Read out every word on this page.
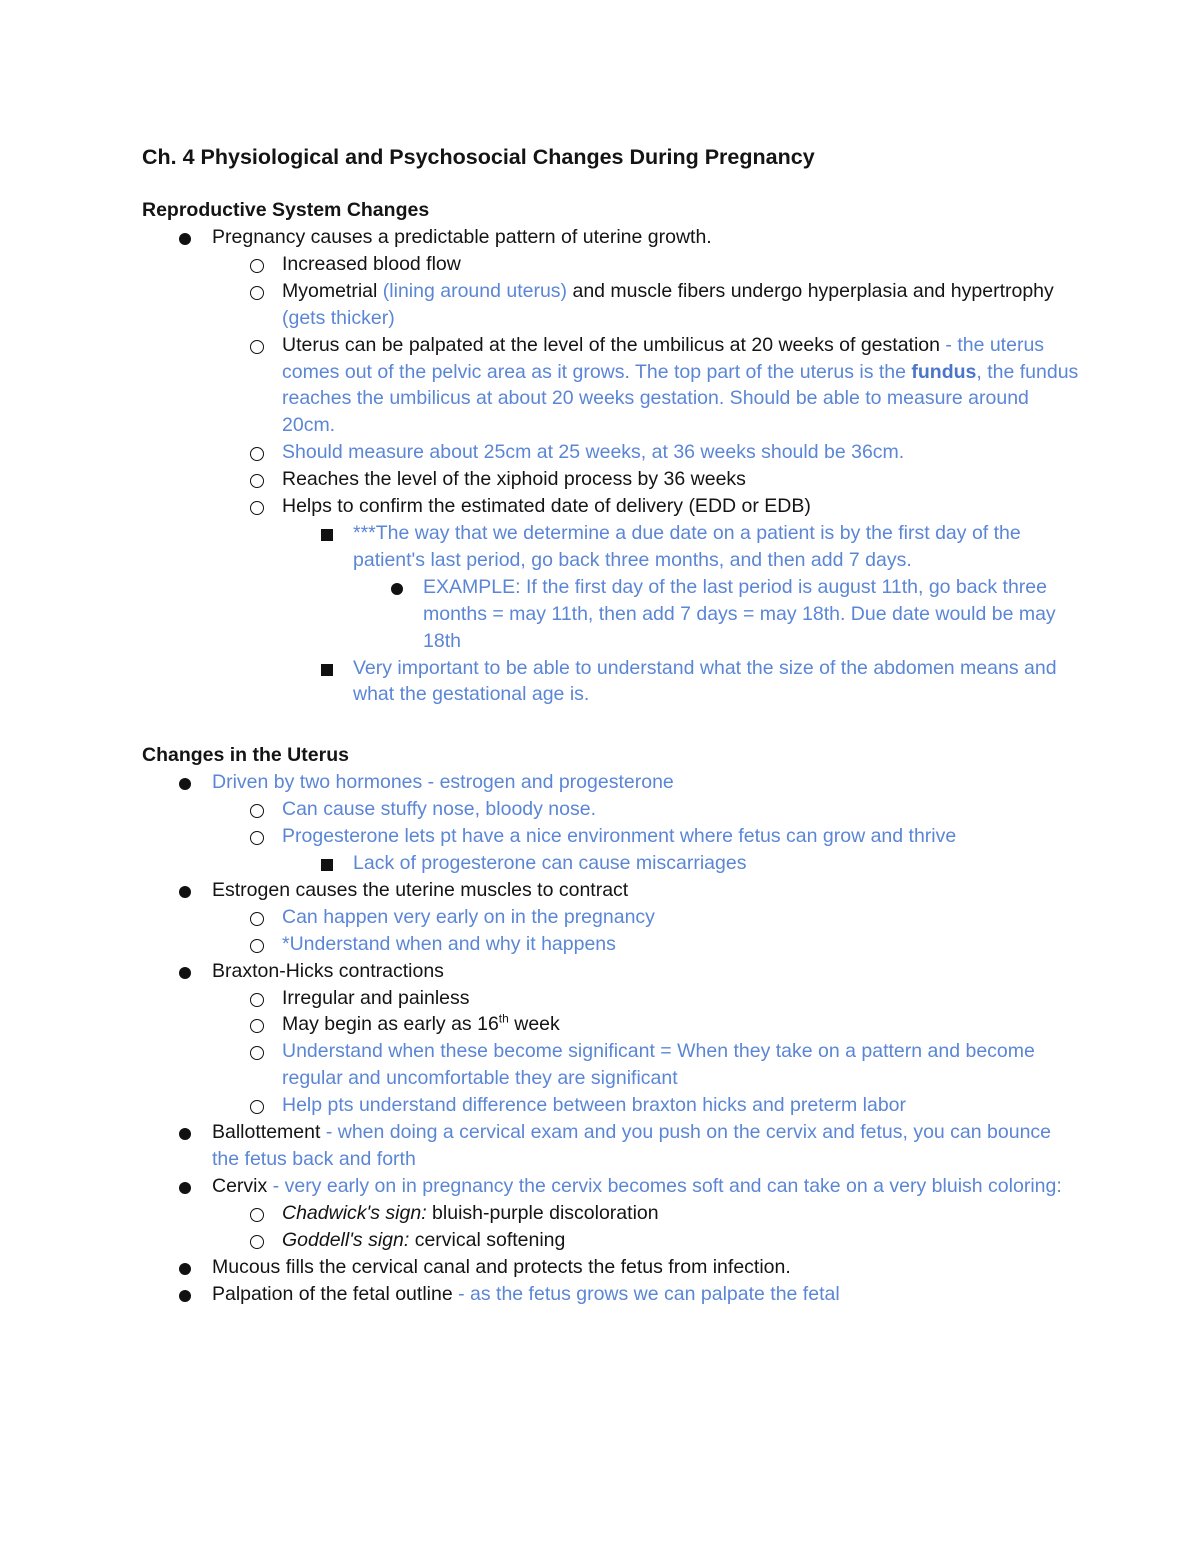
Ch. 4 Physiological and Psychosocial Changes During Pregnancy
Reproductive System Changes
Pregnancy causes a predictable pattern of uterine growth.
Increased blood flow
Myometrial (lining around uterus) and muscle fibers undergo hyperplasia and hypertrophy (gets thicker)
Uterus can be palpated at the level of the umbilicus at 20 weeks of gestation - the uterus comes out of the pelvic area as it grows. The top part of the uterus is the fundus, the fundus reaches the umbilicus at about 20 weeks gestation. Should be able to measure around 20cm.
Should measure about 25cm at 25 weeks, at 36 weeks should be 36cm.
Reaches the level of the xiphoid process by 36 weeks
Helps to confirm the estimated date of delivery (EDD or EDB)
***The way that we determine a due date on a patient is by the first day of the patient's last period, go back three months, and then add 7 days.
EXAMPLE: If the first day of the last period is august 11th, go back three months = may 11th, then add 7 days = may 18th. Due date would be may 18th
Very important to be able to understand what the size of the abdomen means and what the gestational age is.
Changes in the Uterus
Driven by two hormones - estrogen and progesterone
Can cause stuffy nose, bloody nose.
Progesterone lets pt have a nice environment where fetus can grow and thrive
Lack of progesterone can cause miscarriages
Estrogen causes the uterine muscles to contract
Can happen very early on in the pregnancy
*Understand when and why it happens
Braxton-Hicks contractions
Irregular and painless
May begin as early as 16th week
Understand when these become significant = When they take on a pattern and become regular and uncomfortable they are significant
Help pts understand difference between braxton hicks and preterm labor
Ballottement - when doing a cervical exam and you push on the cervix and fetus, you can bounce the fetus back and forth
Cervix - very early on in pregnancy the cervix becomes soft and can take on a very bluish coloring:
Chadwick's sign: bluish-purple discoloration
Goddell's sign: cervical softening
Mucous fills the cervical canal and protects the fetus from infection.
Palpation of the fetal outline - as the fetus grows we can palpate the fetal
